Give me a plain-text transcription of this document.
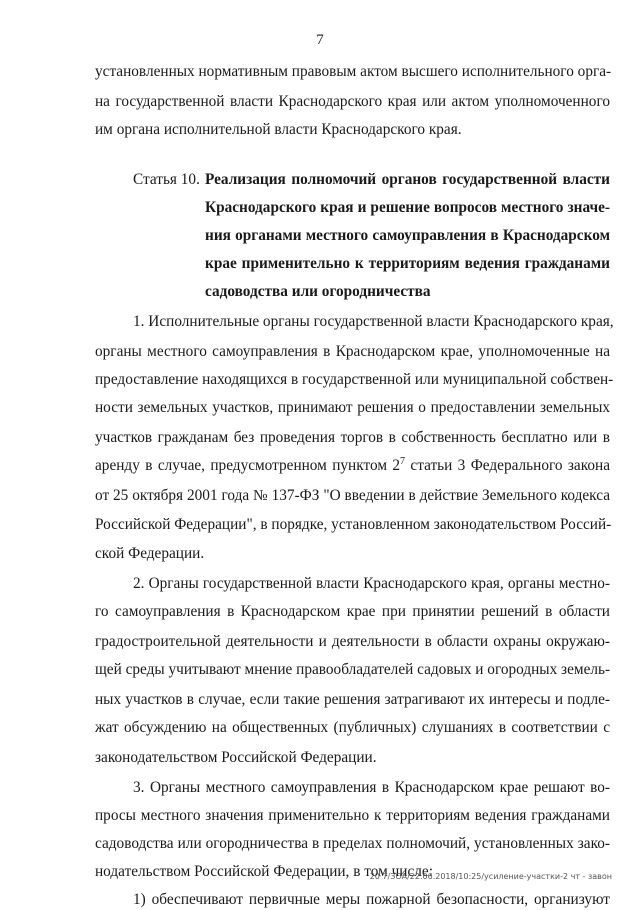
7
установленных нормативным правовым актом высшего исполнительного орга-
на государственной власти Краснодарского края или актом уполномоченного
им органа исполнительной власти Краснодарского края.
Статья 10. Реализация полномочий органов государственной власти
Краснодарского края и решение вопросов местного значе-
ния органами местного самоуправления в Краснодарском
крае применительно к территориям ведения гражданами
садоводства или огородничества
1. Исполнительные органы государственной власти Краснодарского края,
органы местного самоуправления в Краснодарском крае, уполномоченные на
предоставление находящихся в государственной или муниципальной собствен-
ности земельных участков, принимают решения о предоставлении земельных
участков гражданам без проведения торгов в собственность бесплатно или в
аренду в случае, предусмотренном пунктом $2^7$ статьи 3 Федерального закона
от 25 октября 2001 года № 137-ФЗ "О введении в действие Земельного кодекса
Российской Федерации", в порядке, установленном законодательством Россий-
ской Федерации.
2. Органы государственной власти Краснодарского края, органы местно-
го самоуправления в Краснодарском крае при принятии решений в области
градостроительной деятельности и деятельности в области охраны окружаю-
щей среды учитывают мнение правообладателей садовых и огородных земель-
ных участков в случае, если такие решения затрагивают их интересы и подле-
жат обсуждению на общественных (публичных) слушаниях в соответствии с
законодательством Российской Федерации.
3. Органы местного самоуправления в Краснодарском крае решают во-
просы местного значения применительно к территориям ведения гражданами
садоводства или огородничества в пределах полномочий, установленных зако-
нодательством Российской Федерации, в том числе:
1) обеспечивают первичные меры пожарной безопасности, организуют
20 7/ЗОА/22.06.2018/10:25/усиление-участки-2 чт - завон
